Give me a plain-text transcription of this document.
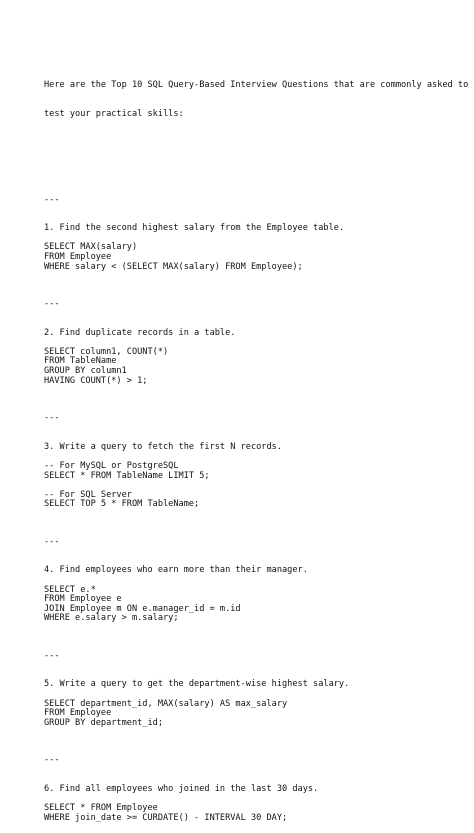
Here are the Top 10 SQL Query-Based Interview Questions that are commonly asked to

test your practical skills:

---
1. Find the second highest salary from the Employee table.
SELECT MAX(salary)
FROM Employee
WHERE salary < (SELECT MAX(salary) FROM Employee);
---
2. Find duplicate records in a table.
SELECT column1, COUNT(*)
FROM TableName
GROUP BY column1
HAVING COUNT(*) > 1;
---
3. Write a query to fetch the first N records.
-- For MySQL or PostgreSQL
SELECT * FROM TableName LIMIT 5;
-- For SQL Server
SELECT TOP 5 * FROM TableName;
---
4. Find employees who earn more than their manager.
SELECT e.*
FROM Employee e
JOIN Employee m ON e.manager_id = m.id
WHERE e.salary > m.salary;
---
5. Write a query to get the department-wise highest salary.
SELECT department_id, MAX(salary) AS max_salary
FROM Employee
GROUP BY department_id;
---
6. Find all employees who joined in the last 30 days.
SELECT * FROM Employee
WHERE join_date >= CURDATE() - INTERVAL 30 DAY;
